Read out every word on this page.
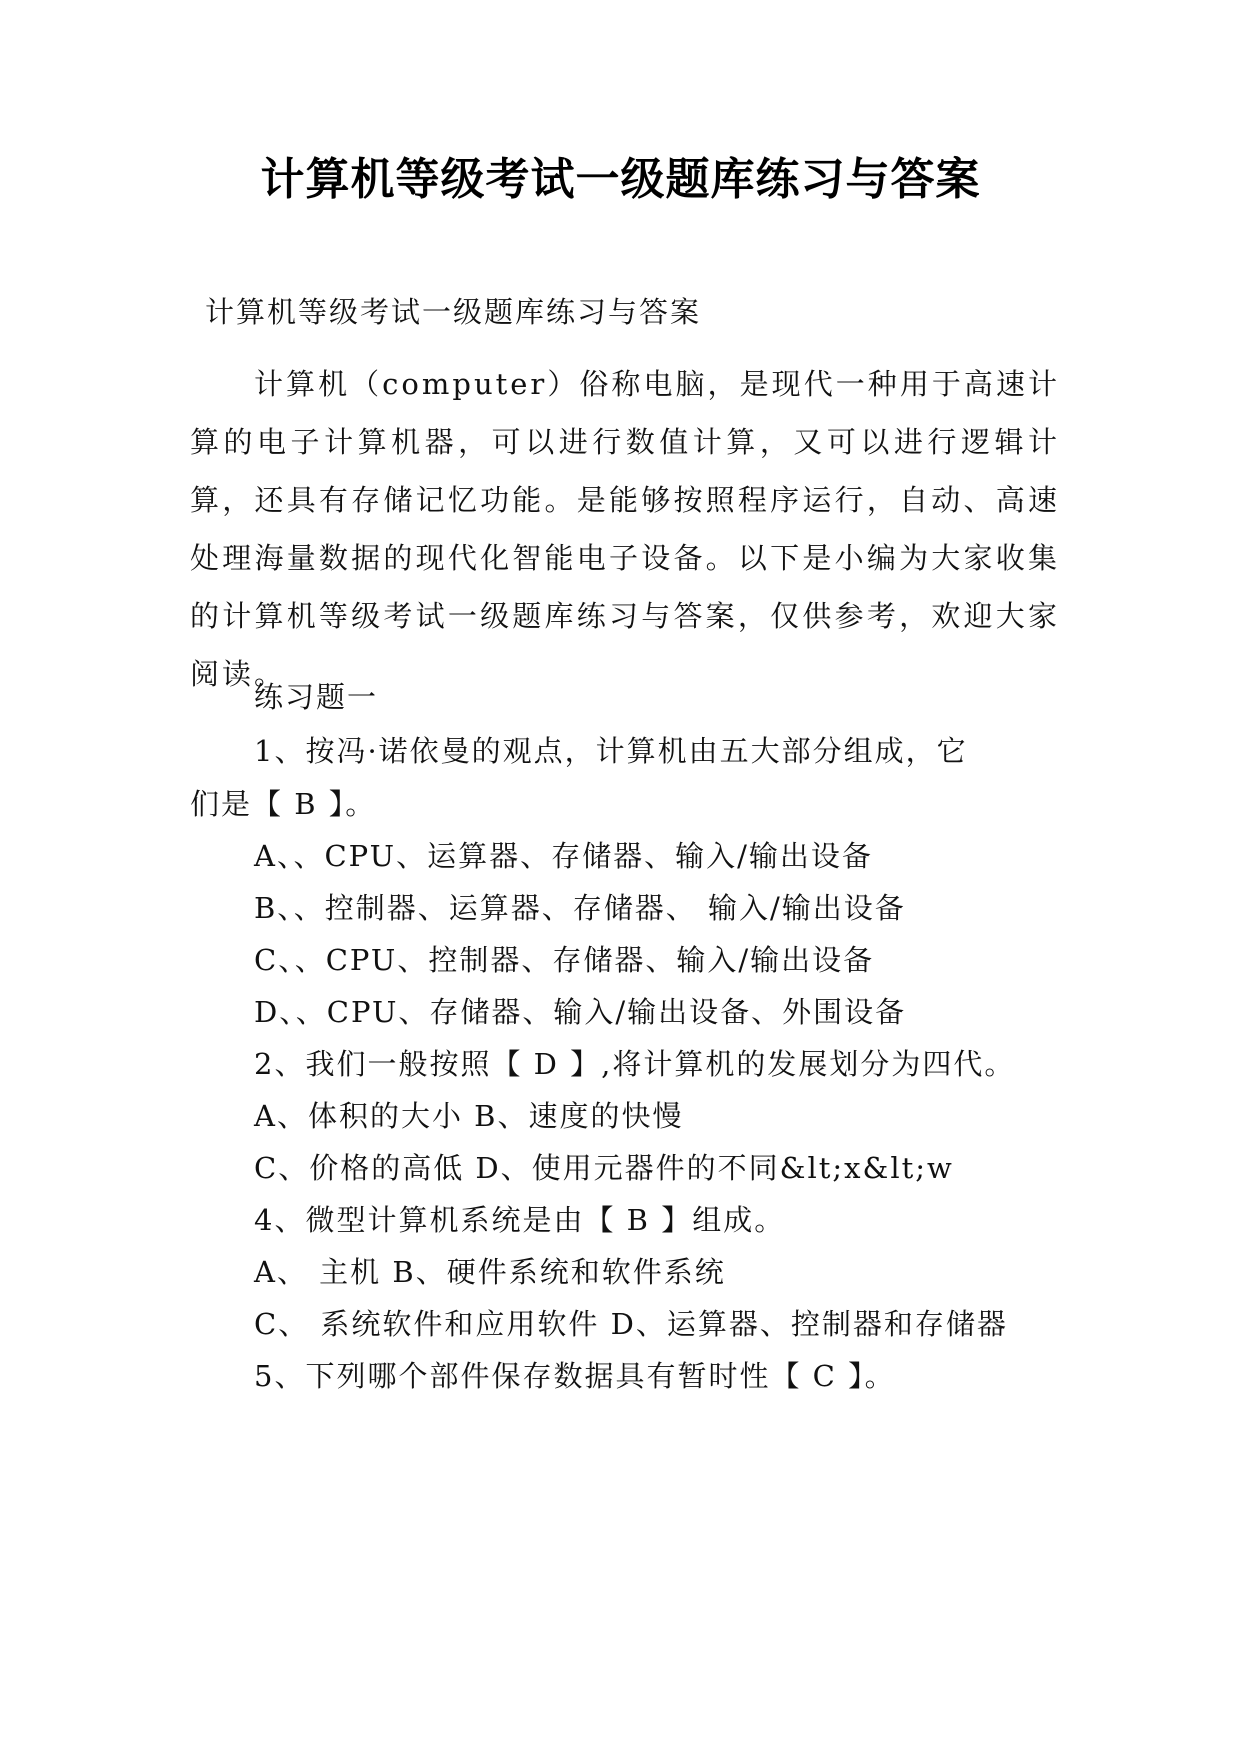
计算机等级考试一级题库练习与答案
计算机等级考试一级题库练习与答案
计算机（computer）俗称电脑，是现代一种用于高速计算的电子计算机器，可以进行数值计算，又可以进行逻辑计算，还具有存储记忆功能。是能够按照程序运行，自动、高速处理海量数据的现代化智能电子设备。以下是小编为大家收集的计算机等级考试一级题库练习与答案，仅供参考，欢迎大家阅读。
练习题一
1、按冯·诺依曼的观点，计算机由五大部分组成，它
们是【 B 】。
A、、CPU、运算器、存储器、输入/输出设备
B、、控制器、运算器、存储器、 输入/输出设备
C、、CPU、控制器、存储器、输入/输出设备
D、、CPU、存储器、输入/输出设备、外围设备
2、我们一般按照【 D 】,将计算机的发展划分为四代。
A、体积的大小 B、速度的快慢
C、价格的高低 D、使用元器件的不同&lt;x&lt;w
4、微型计算机系统是由【 B 】组成。
A、 主机 B、硬件系统和软件系统
C、 系统软件和应用软件 D、运算器、控制器和存储器
5、下列哪个部件保存数据具有暂时性【 C 】。
